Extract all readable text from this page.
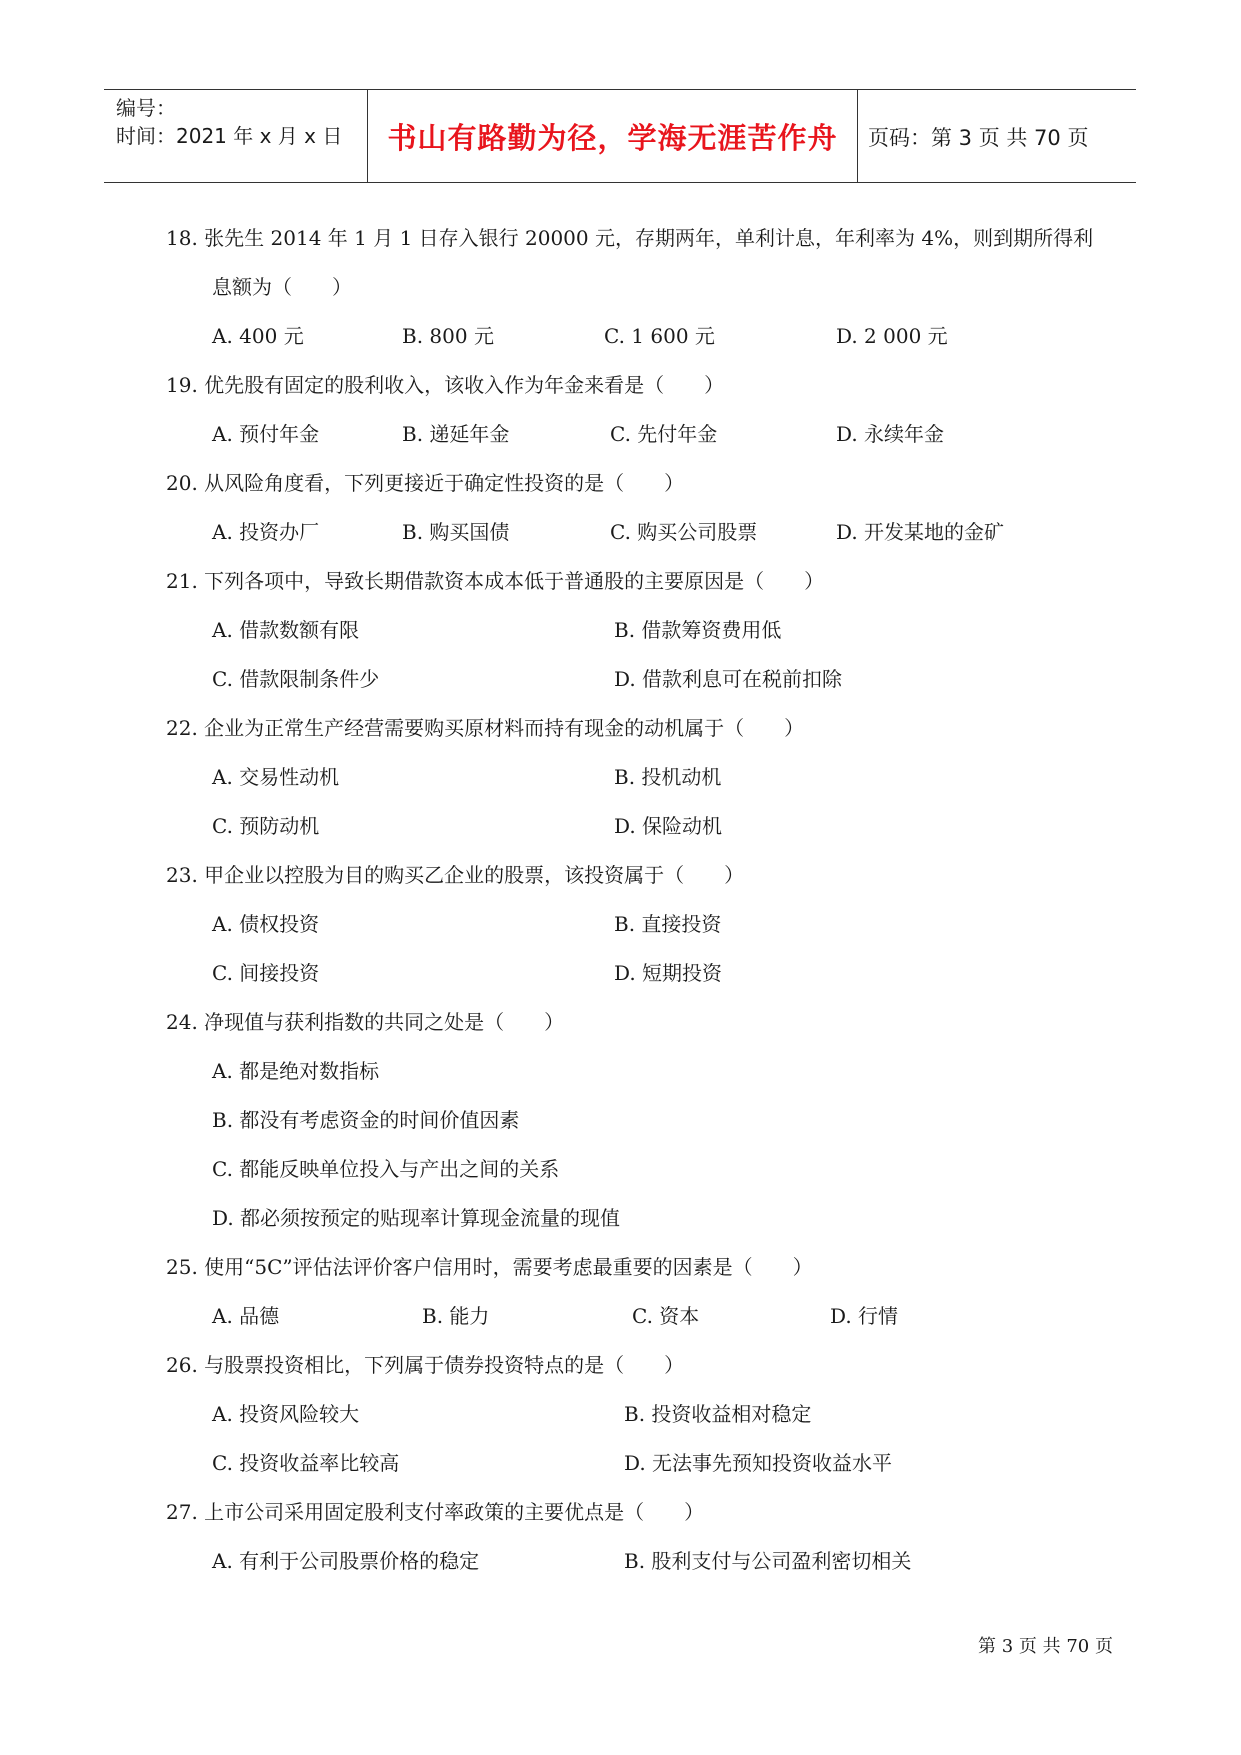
编号：
时间：2021 年 x 月 x 日	书山有路勤为径，学海无涯苦作舟	页码：第 3 页 共 70 页
18. 张先生 2014 年 1 月 1 日存入银行 20000 元，存期两年，单利计息，年利率为 4%，则到期所得利
息额为（　　）
A. 400 元	B. 800 元	C. 1 600 元	D. 2 000 元
19. 优先股有固定的股利收入，该收入作为年金来看是（　　）
A. 预付年金	B. 递延年金	C. 先付年金	D. 永续年金
20. 从风险角度看，下列更接近于确定性投资的是（　　）
A. 投资办厂	B. 购买国债	C. 购买公司股票	D. 开发某地的金矿
21. 下列各项中，导致长期借款资本成本低于普通股的主要原因是（　　）
A. 借款数额有限	B. 借款筹资费用低
C. 借款限制条件少	D. 借款利息可在税前扣除
22. 企业为正常生产经营需要购买原材料而持有现金的动机属于（　　）
A. 交易性动机	B. 投机动机
C. 预防动机	D. 保险动机
23. 甲企业以控股为目的购买乙企业的股票，该投资属于（　　）
A. 债权投资	B. 直接投资
C. 间接投资	D. 短期投资
24. 净现值与获利指数的共同之处是（　　）
A. 都是绝对数指标
B. 都没有考虑资金的时间价值因素
C. 都能反映单位投入与产出之间的关系
D. 都必须按预定的贴现率计算现金流量的现值
25. 使用“5C”评估法评价客户信用时，需要考虑最重要的因素是（　　）
A. 品德	B. 能力	C. 资本	D. 行情
26. 与股票投资相比，下列属于债券投资特点的是（　　）
A. 投资风险较大	B. 投资收益相对稳定
C. 投资收益率比较高	D. 无法事先预知投资收益水平
27. 上市公司采用固定股利支付率政策的主要优点是（　　）
A. 有利于公司股票价格的稳定	B. 股利支付与公司盈利密切相关
第 3 页 共 70 页
